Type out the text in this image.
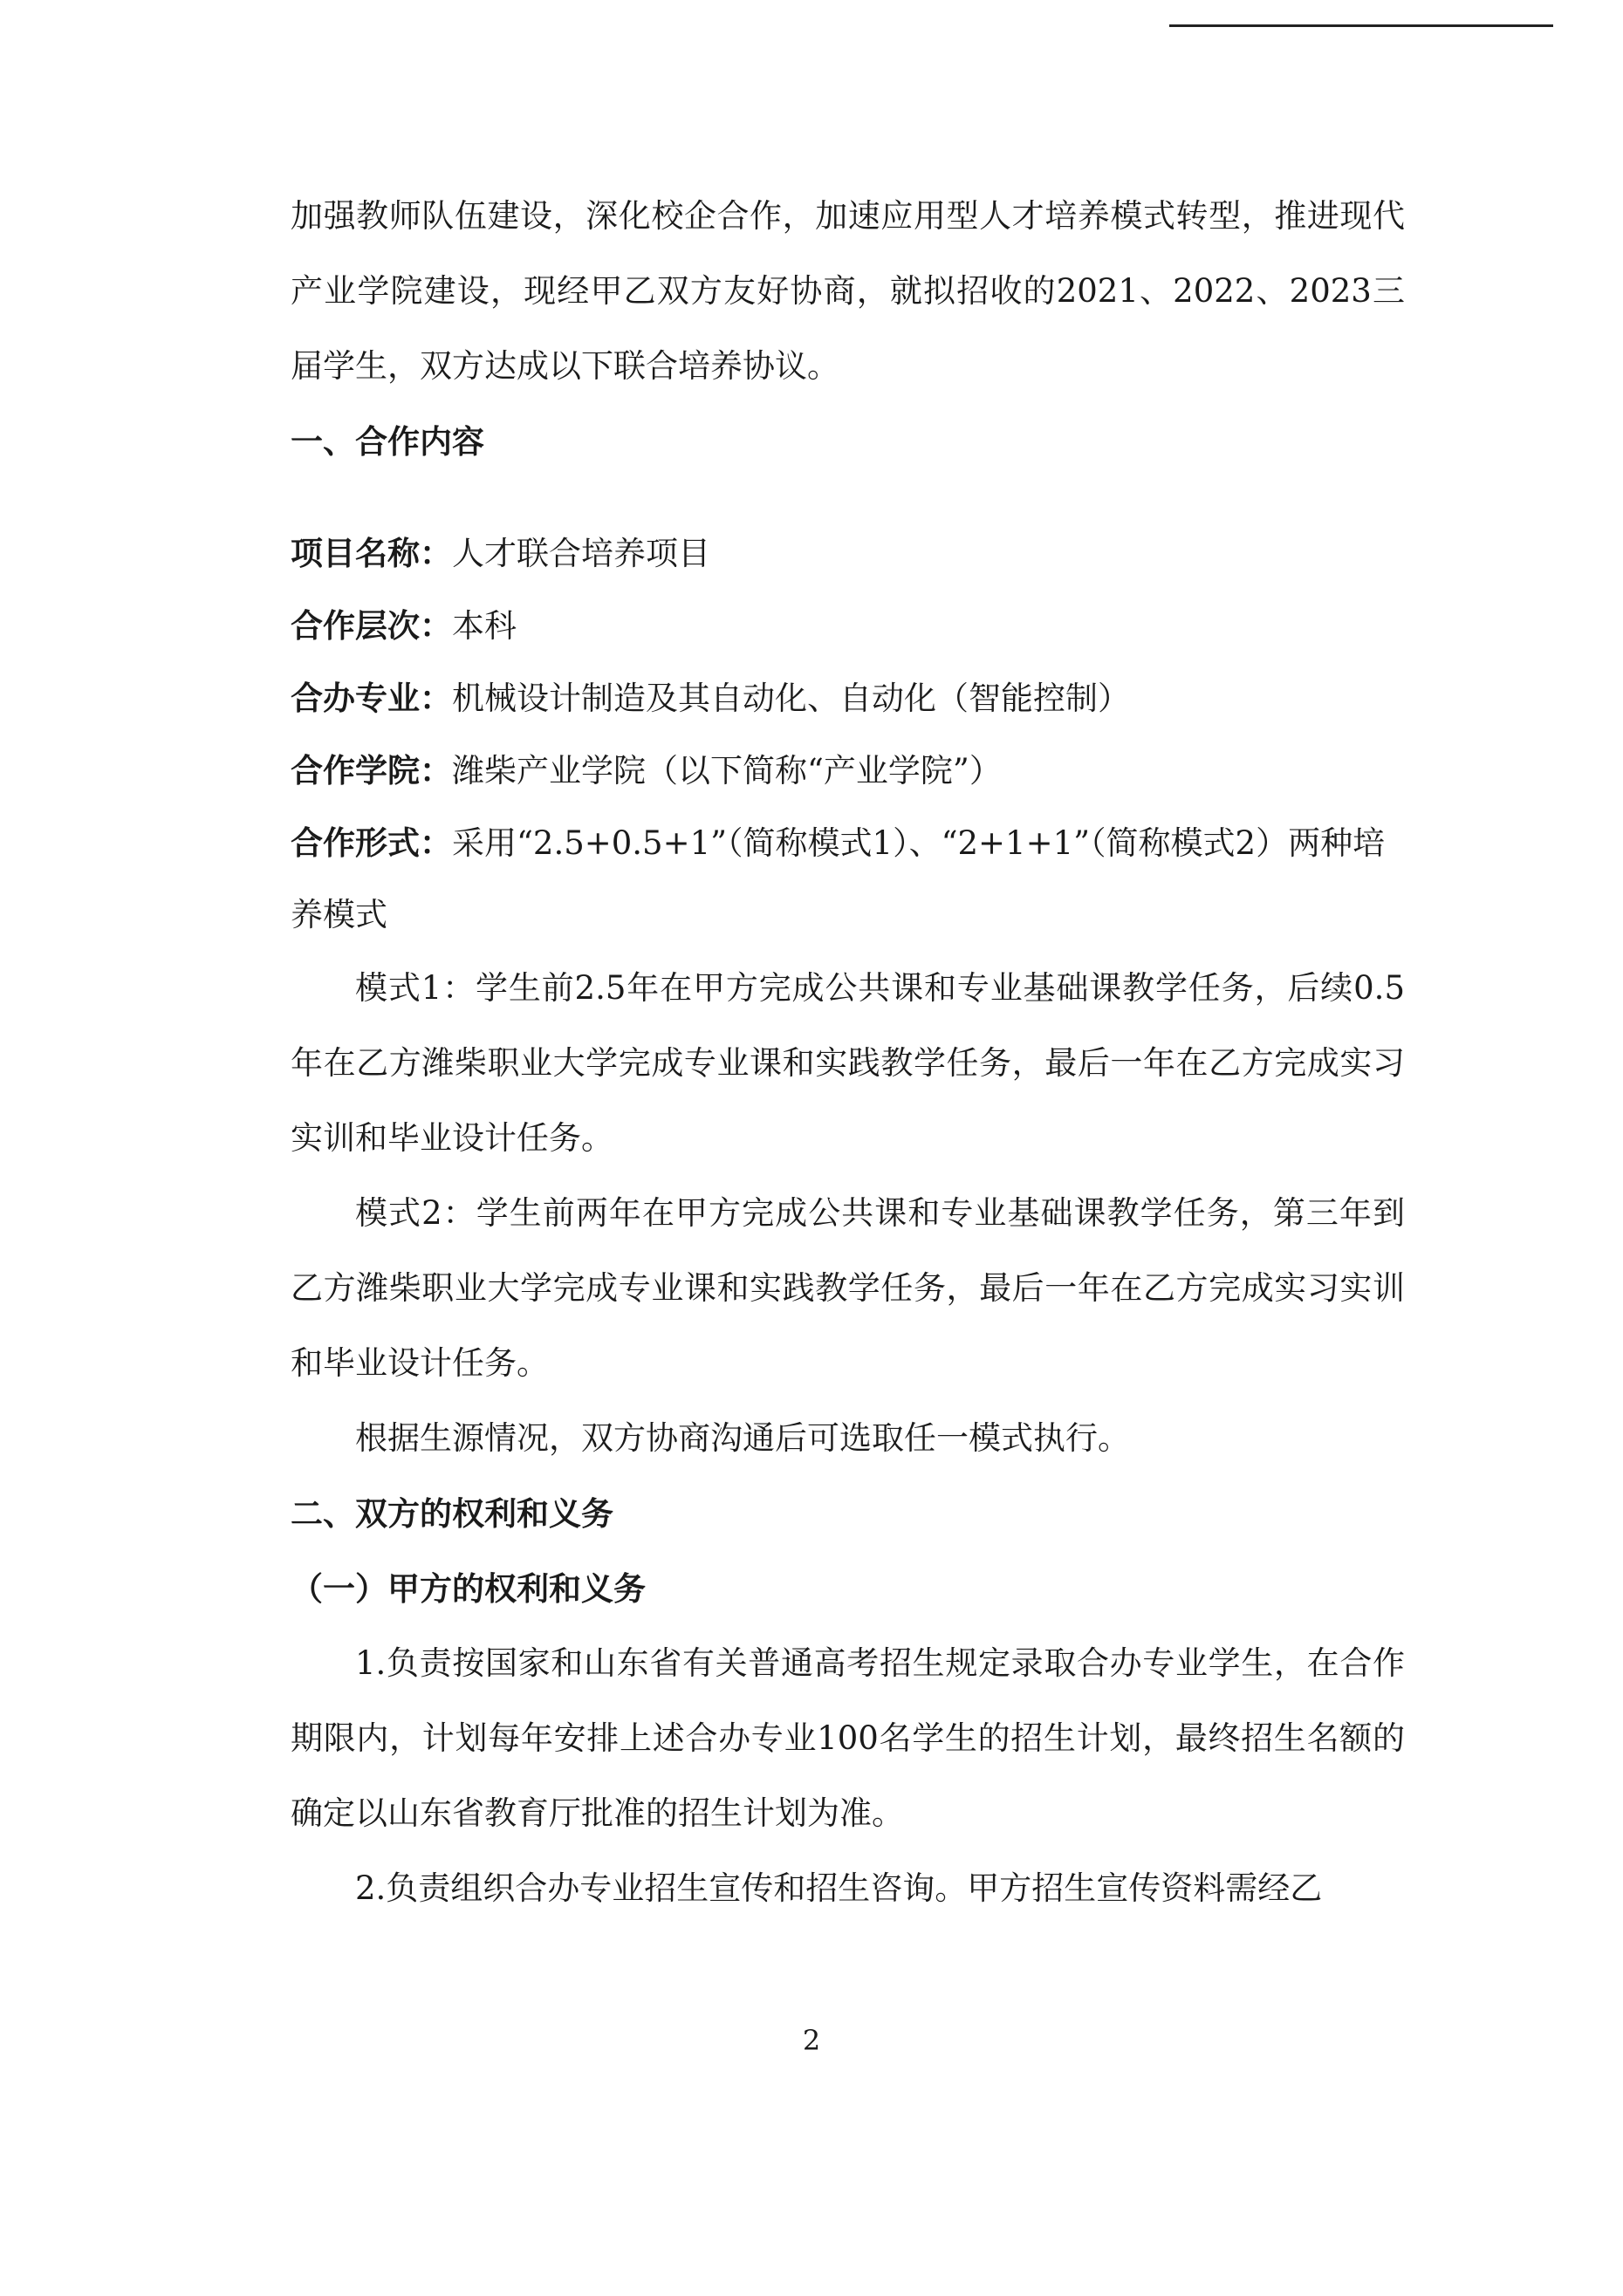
加强教师队伍建设，深化校企合作，加速应用型人才培养模式转型，推进现代产业学院建设，现经甲乙双方友好协商，就拟招收的2021、2022、2023三届学生，双方达成以下联合培养协议。

一、合作内容

项目名称：人才联合培养项目

合作层次：本科

合办专业：机械设计制造及其自动化、自动化（智能控制）

合作学院：潍柴产业学院（以下简称“产业学院”）

合作形式：采用“2.5+0.5+1”（简称模式1）、“2+1+1”（简称模式2）两种培养模式

模式1：学生前2.5年在甲方完成公共课和专业基础课教学任务，后续0.5年在乙方潍柴职业大学完成专业课和实践教学任务，最后一年在乙方完成实习实训和毕业设计任务。

模式2：学生前两年在甲方完成公共课和专业基础课教学任务，第三年到乙方潍柴职业大学完成专业课和实践教学任务，最后一年在乙方完成实习实训和毕业设计任务。

根据生源情况，双方协商沟通后可选取任一模式执行。

二、双方的权利和义务

（一）甲方的权利和义务

1.负责按国家和山东省有关普通高考招生规定录取合办专业学生，在合作期限内，计划每年安排上述合办专业100名学生的招生计划，最终招生名额的确定以山东省教育厅批准的招生计划为准。

2.负责组织合办专业招生宣传和招生咨询。甲方招生宣传资料需经乙

2
